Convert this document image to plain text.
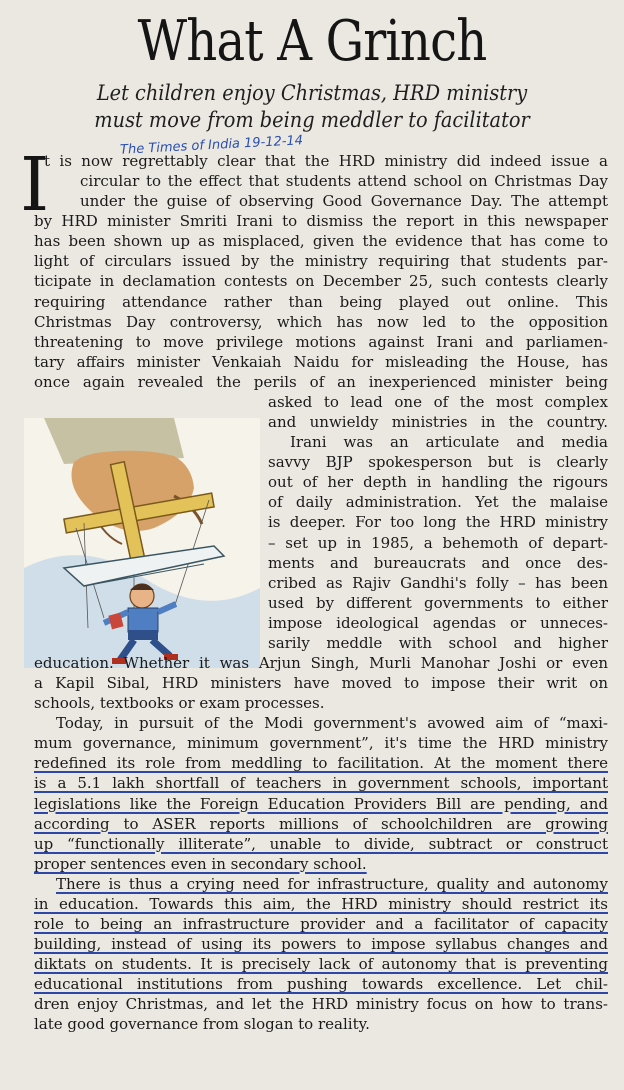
What A Grinch
Let children enjoy Christmas, HRD ministry
must move from being meddler to facilitator
The Times of India 19-12-14
I
t is now regrettably clear that the HRD ministry did indeed issue a
circular to the effect that students attend school on Christmas Day
under the guise of observing Good Governance Day. The attempt
by HRD minister Smriti Irani to dismiss the report in this newspaper
has been shown up as misplaced, given the evidence that has come to
light of circulars issued by the ministry requiring that students par-
ticipate in declamation contests on December 25, such contests clearly
requiring attendance rather than being played out online. This
Christmas Day controversy, which has now led to the opposition
threatening to move privilege motions against Irani and parliamen-
tary affairs minister Venkaiah Naidu for misleading the House, has
once again revealed the perils of an inexperienced minister being
asked to lead one of the most complex
and unwieldy ministries in the country.
Irani was an articulate and media
savvy BJP spokesperson but is clearly
out of her depth in handling the rigours
of daily administration. Yet the malaise
is deeper. For too long the HRD ministry
– set up in 1985, a behemoth of depart-
ments and bureaucrats and once des-
cribed as Rajiv Gandhi's folly – has been
used by different governments to either
impose ideological agendas or unneces-
sarily meddle with school and higher
education. Whether it was Arjun Singh, Murli Manohar Joshi or even
a Kapil Sibal, HRD ministers have moved to impose their writ on
schools, textbooks or exam processes.
Today, in pursuit of the Modi government's avowed aim of “maxi-
mum governance, minimum government”, it's time the HRD ministry
redefined its role from meddling to facilitation. At the moment there
is a 5.1 lakh shortfall of teachers in government schools, important
legislations like the Foreign Education Providers Bill are pending, and
according to ASER reports millions of schoolchildren are growing
up “functionally illiterate”, unable to divide, subtract or construct
proper sentences even in secondary school.
There is thus a crying need for infrastructure, quality and autonomy
in education. Towards this aim, the HRD ministry should restrict its
role to being an infrastructure provider and a facilitator of capacity
building, instead of using its powers to impose syllabus changes and
diktats on students. It is precisely lack of autonomy that is preventing
educational institutions from pushing towards excellence. Let chil-
dren enjoy Christmas, and let the HRD ministry focus on how to trans-
late good governance from slogan to reality.
